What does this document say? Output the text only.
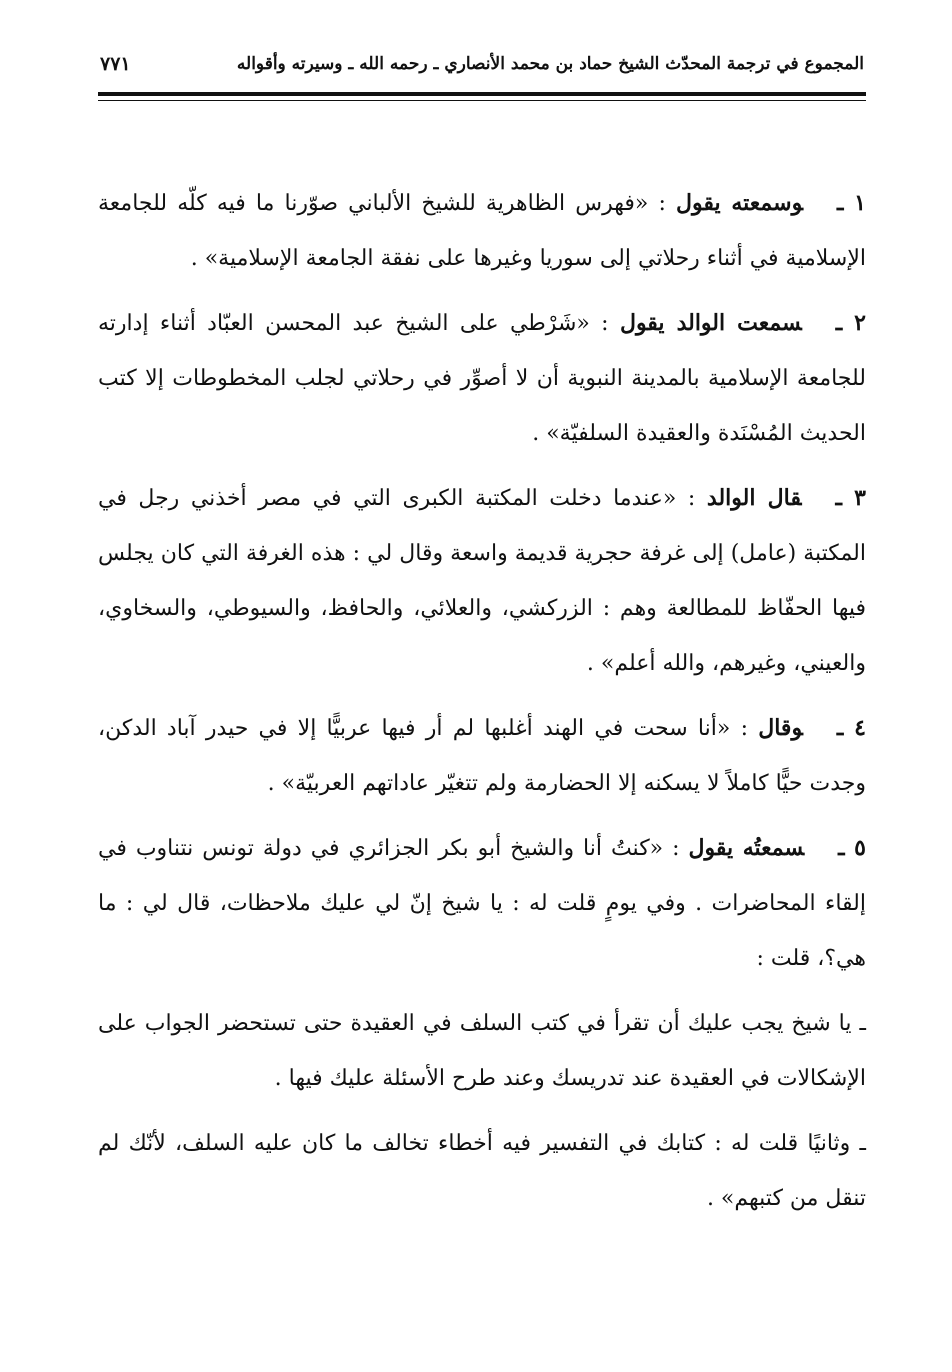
المجموع في ترجمة المحدّث الشيخ حماد بن محمد الأنصاري ـ رحمه الله ـ وسيرته وأقواله
٧٧١

١ ـوسمعته يقول : «فهرس الظاهرية للشيخ الألباني صوّرنا ما فيه كلّه للجامعة الإسلامية في أثناء رحلاتي إلى سوريا وغيرها على نفقة الجامعة الإسلامية» .

٢ ـسمعت الوالد يقول : «شَرْطي على الشيخ عبد المحسن العبّاد أثناء إدارته للجامعة الإسلامية بالمدينة النبوية أن لا أصوِّر في رحلاتي لجلب المخطوطات إلا كتب الحديث المُسْنَدة والعقيدة السلفيّة» .

٣ ـقال الوالد : «عندما دخلت المكتبة الكبرى التي في مصر أخذني رجل في المكتبة (عامل) إلى غرفة حجرية قديمة واسعة وقال لي : هذه الغرفة التي كان يجلس فيها الحفّاظ للمطالعة وهم : الزركشي، والعلائي، والحافظ، والسيوطي، والسخاوي، والعيني، وغيرهم، والله أعلم» .

٤ ـوقال : «أنا سحت في الهند أغلبها لم أر فيها عربيًّا إلا في حيدر آباد الدكن، وجدت حيًّا كاملاً لا يسكنه إلا الحضارمة ولم تتغيّر عاداتهم العربيّة» .

٥ ـسمعتُه يقول : «كنتُ أنا والشيخ أبو بكر الجزائري في دولة تونس نتناوب في إلقاء المحاضرات . وفي يومٍ قلت له : يا شيخ إنّ لي عليك ملاحظات، قال لي : ما هي؟، قلت :

ـ يا شيخ يجب عليك أن تقرأ في كتب السلف في العقيدة حتى تستحضر الجواب على الإشكالات في العقيدة عند تدريسك وعند طرح الأسئلة عليك فيها .

ـ وثانيًا قلت له : كتابك في التفسير فيه أخطاء تخالف ما كان عليه السلف، لأنّك لم تنقل من كتبهم» .
